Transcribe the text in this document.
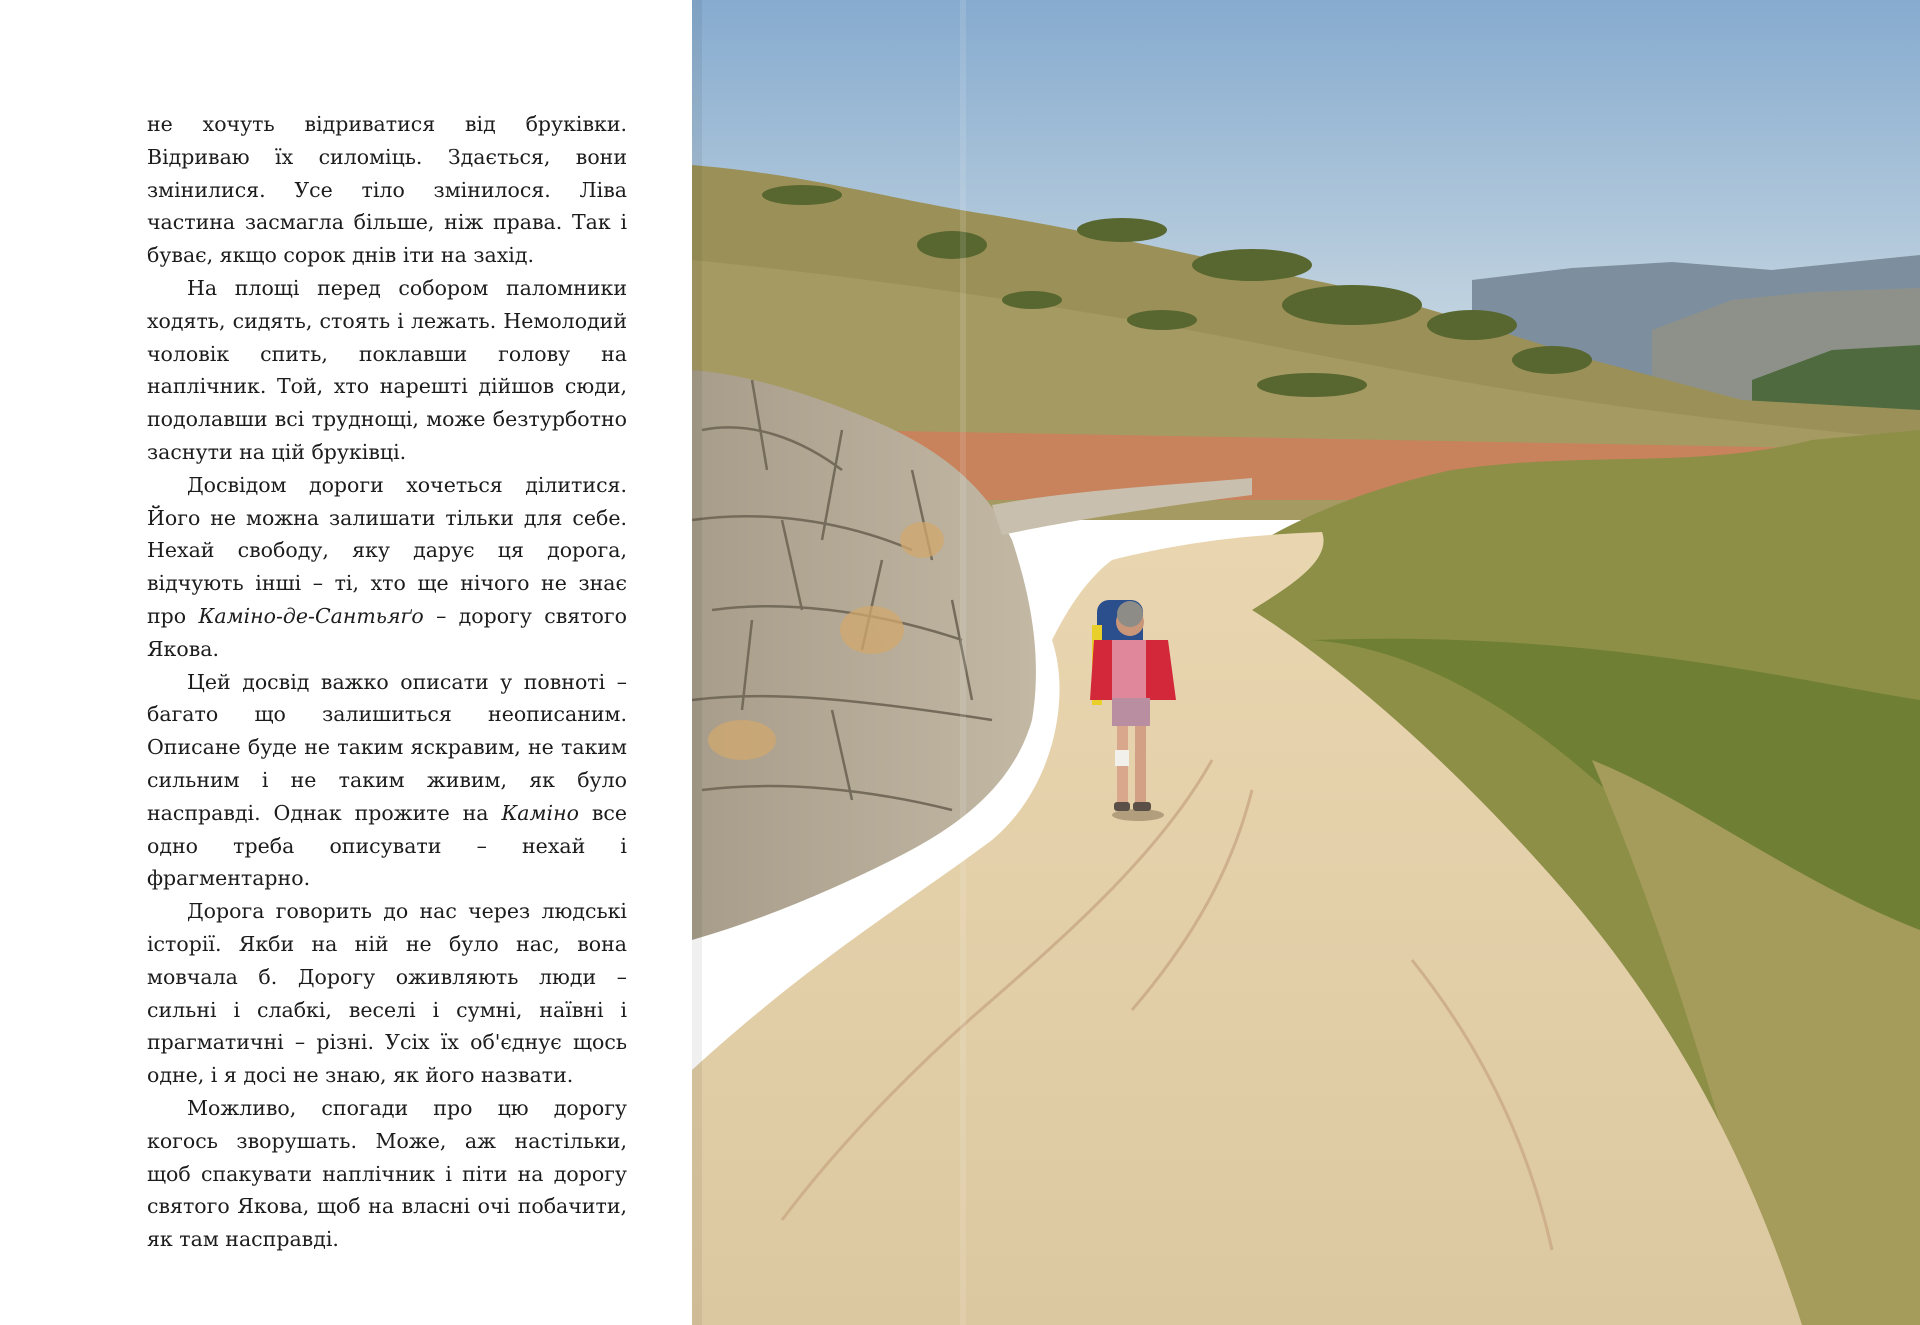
не хочуть відриватися від бруківки. Відриваю їх силоміць. Здається, вони змінилися. Усе тіло змінилося. Ліва частина засмагла більше, ніж права. Так і буває, якщо сорок днів іти на захід.

На площі перед собором паломники ходять, сидять, стоять і лежать. Немолодий чоловік спить, поклавши голову на наплічник. Той, хто нарешті дійшов сюди, подолавши всі труднощі, може безтурботно заснути на цій бруківці.

Досвідом дороги хочеться ділитися. Його не можна залишати тільки для себе. Нехай свободу, яку дарує ця дорога, відчують інші – ті, хто ще нічого не знає про Каміно-де-Сантьяґо – дорогу святого Якова.

Цей досвід важко описати у повноті – багато що залишиться неописаним. Описане буде не таким яскравим, не таким сильним і не таким живим, як було насправді. Однак прожите на Каміно все одно треба описувати – нехай і фрагментарно.

Дорога говорить до нас через людські історії. Якби на ній не було нас, вона мовчала б. Дорогу оживляють люди – сильні і слабкі, веселі і сумні, наївні і прагматичні – різні. Усіх їх об'єднує щось одне, і я досі не знаю, як його назвати.

Можливо, спогади про цю дорогу когось зворушать. Може, аж настільки, щоб спакувати наплічник і піти на дорогу святого Якова, щоб на власні очі побачити, як там насправді.
